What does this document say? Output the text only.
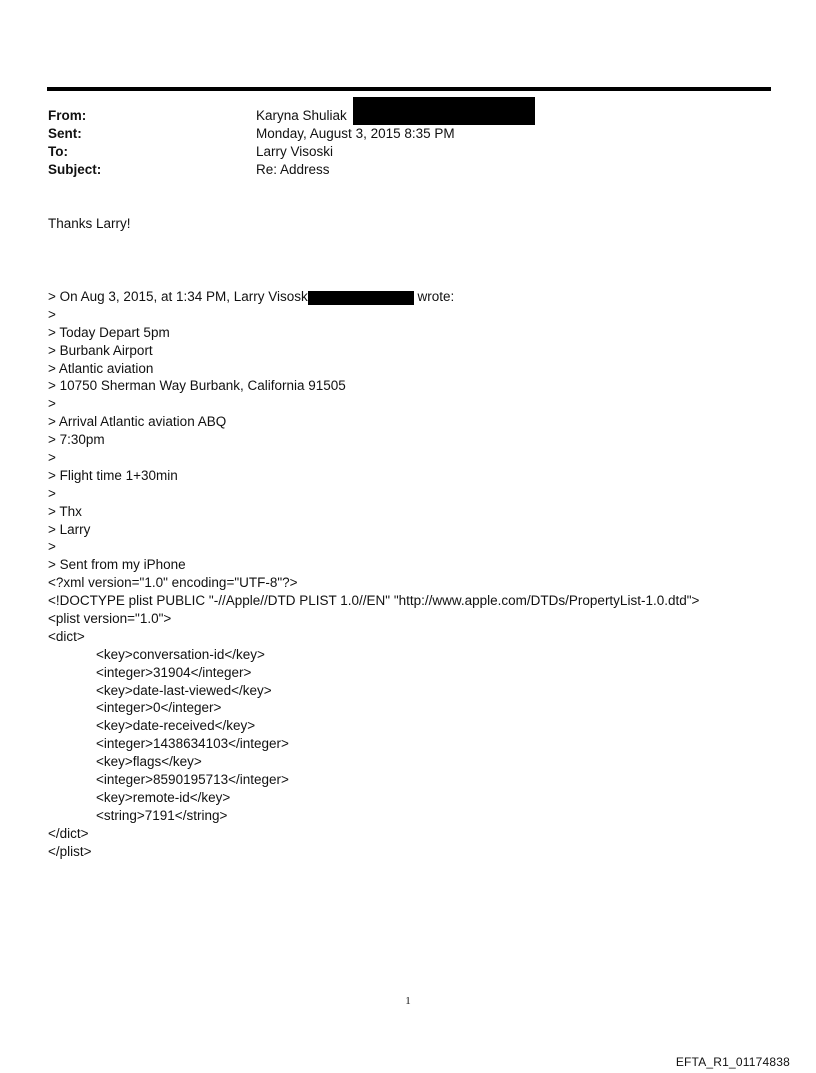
From:	Karyna Shuliak
Sent:	Monday, August 3, 2015 8:35 PM
To:	Larry Visoski
Subject:	Re: Address
Thanks Larry!
> On Aug 3, 2015, at 1:34 PM, Larry Visosk	wrote:
>
> Today Depart 5pm
> Burbank Airport
> Atlantic aviation
> 10750 Sherman Way Burbank, California 91505
>
> Arrival Atlantic aviation ABQ
> 7:30pm
>
> Flight time 1+30min
>
> Thx
> Larry
>
> Sent from my iPhone
<?xml version="1.0" encoding="UTF-8"?>
<!DOCTYPE plist PUBLIC "-//Apple//DTD PLIST 1.0//EN" "http://www.apple.com/DTDs/PropertyList-1.0.dtd">
<plist version="1.0">
<dict>
<key>conversation-id</key>
<integer>31904</integer>
<key>date-last-viewed</key>
<integer>0</integer>
<key>date-received</key>
<integer>1438634103</integer>
<key>flags</key>
<integer>8590195713</integer>
<key>remote-id</key>
<string>7191</string>
</dict>
</plist>
1
EFTA_R1_01174838
